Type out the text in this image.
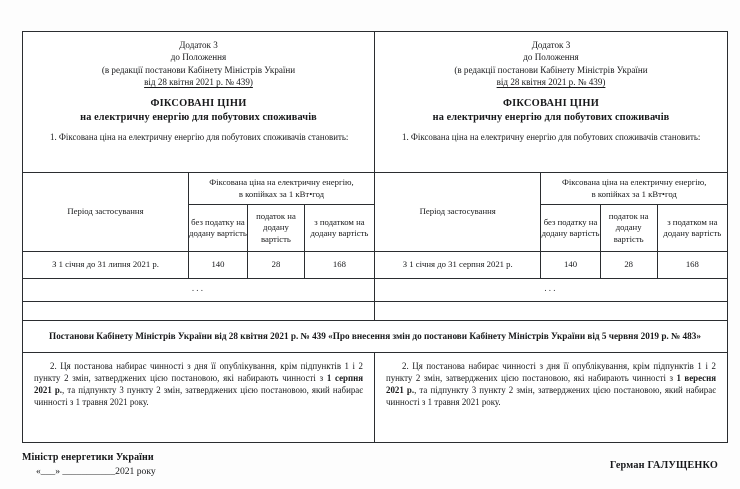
Додаток 3
до Положення
(в редакції постанови Кабінету Міністрів України
від 28 квітня 2021 р. № 439)
ФІКСОВАНІ ЦІНИ
на електричну енергію для побутових споживачів
1. Фіксована ціна на електричну енергію для побутових споживачів становить:
Період застосування	Фіксована ціна на електричну енергію,
в копійках за 1 кВт•год		
	без податку на додану вартість	податок на додану вартість	з податком на додану вартість
З 1 січня до 31 липня 2021 р.	140	28	168
...			
Додаток 3
до Положення
(в редакції постанови Кабінету Міністрів України
від 28 квітня 2021 р. № 439)
ФІКСОВАНІ ЦІНИ
на електричну енергію для побутових споживачів
1. Фіксована ціна на електричну енергію для побутових споживачів становить:
Період застосування	Фіксована ціна на електричну енергію,
в копійках за 1 кВт•год		
	без податку на додану вартість	податок на додану вартість	з податком на додану вартість
З 1 січня до 31 серпня 2021 р.	140	28	168
...			
Постанови Кабінету Міністрів України від 28 квітня 2021 р. № 439 «Про внесення змін до постанови Кабінету Міністрів України від 5 червня 2019 р. № 483»
2. Ця постанова набирає чинності з дня її опублікування, крім підпунктів 1 і 2 пункту 2 змін, затверджених цією постановою, які набирають чинності з 1 серпня 2021 р., та підпункту 3 пункту 2 змін, затверджених цією постановою, який набирає чинності з 1 травня 2021 року.
2. Ця постанова набирає чинності з дня її опублікування, крім підпунктів 1 і 2 пункту 2 змін, затверджених цією постановою, які набирають чинності з 1 вересня 2021 р., та підпункту 3 пункту 2 змін, затверджених цією постановою, який набирає чинності з 1 травня 2021 року.
Міністр енергетики України
«___» ___________2021 року
Герман ГАЛУЩЕНКО
